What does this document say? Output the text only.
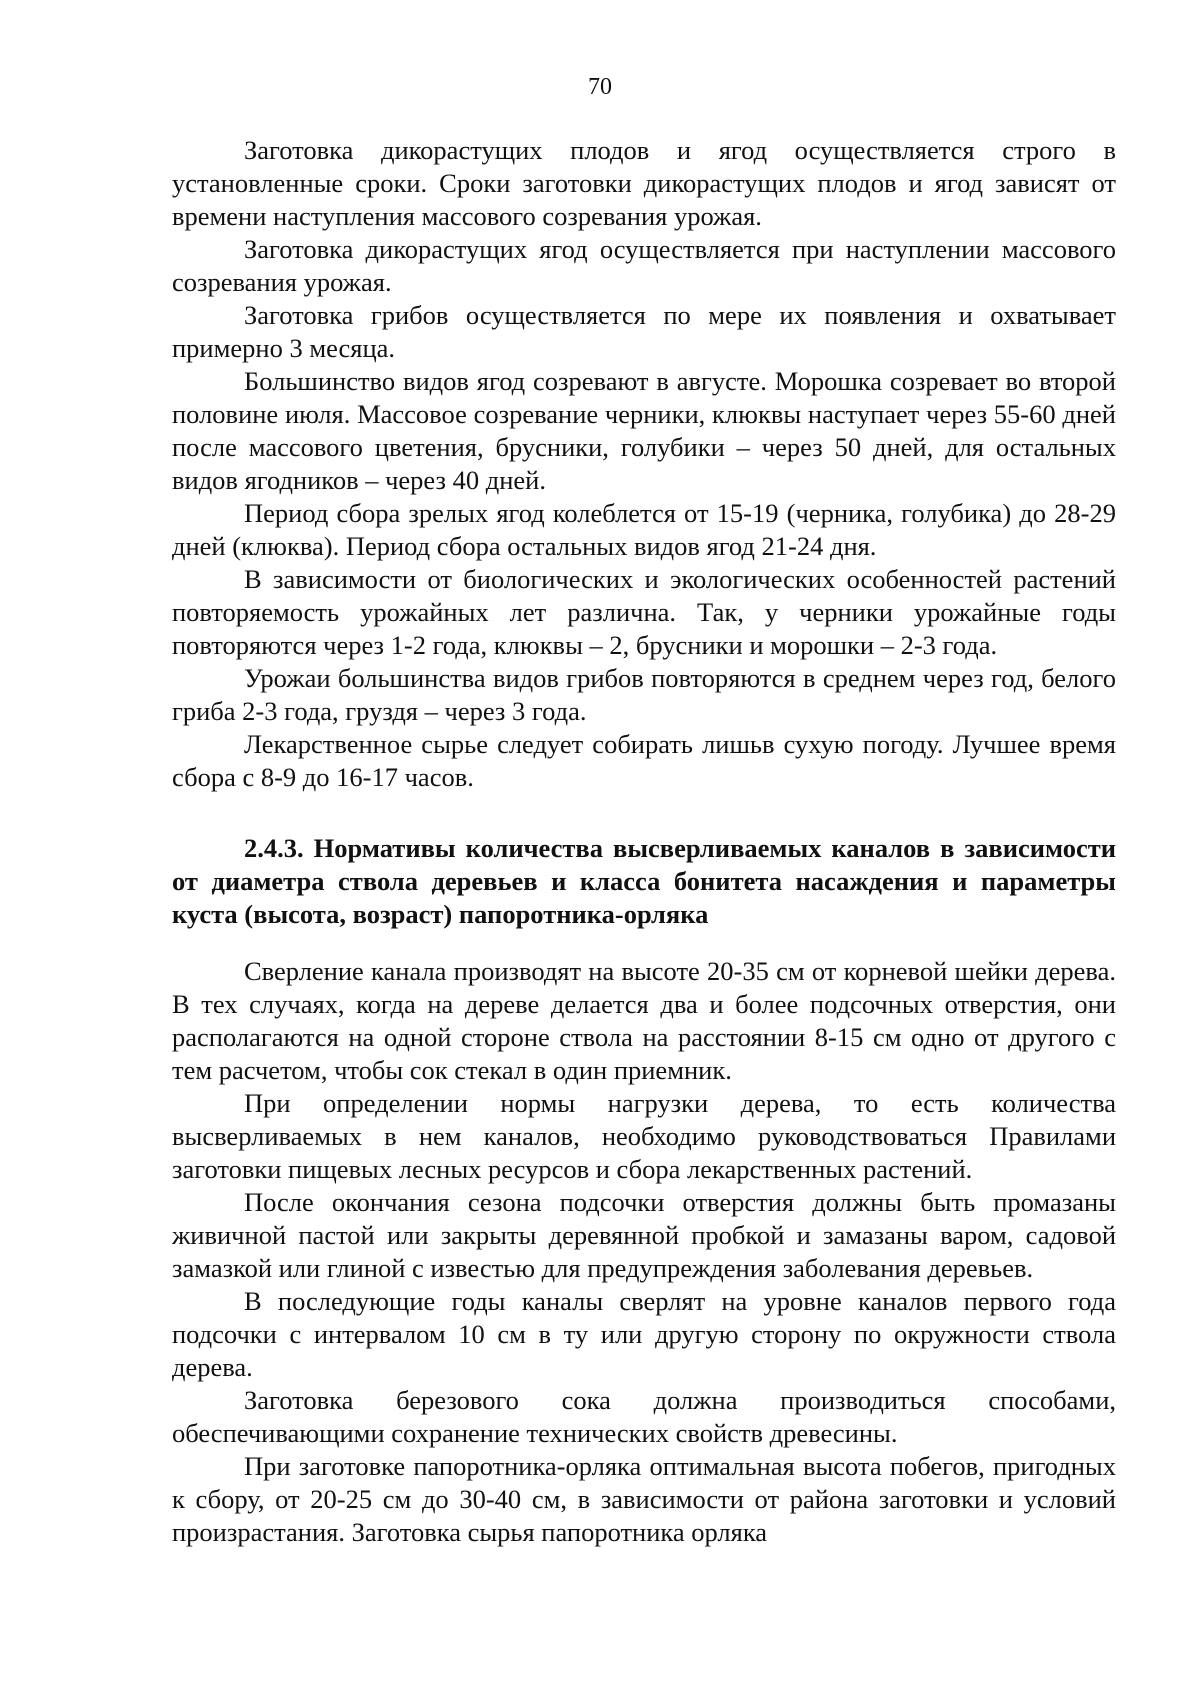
70

Заготовка дикорастущих плодов и ягод осуществляется строго в установленные сроки. Сроки заготовки дикорастущих плодов и ягод зависят от времени наступления массового созревания урожая.

Заготовка дикорастущих ягод осуществляется при наступлении массового созревания урожая.

Заготовка грибов осуществляется по мере их появления и охватывает примерно 3 месяца.

Большинство видов ягод созревают в августе. Морошка созревает во второй половине июля. Массовое созревание черники, клюквы наступает через 55-60 дней после массового цветения, брусники, голубики – через 50 дней, для остальных видов ягодников – через 40 дней.

Период сбора зрелых ягод колеблется от 15-19 (черника, голубика) до 28-29 дней (клюква). Период сбора остальных видов ягод 21-24 дня.

В зависимости от биологических и экологических особенностей растений повторяемость урожайных лет различна. Так, у черники урожайные годы повторяются через 1-2 года, клюквы – 2, брусники и морошки – 2-3 года.

Урожаи большинства видов грибов повторяются в среднем через год, белого гриба 2-3 года, груздя – через 3 года.

Лекарственное сырье следует собирать лишьв сухую погоду. Лучшее время сбора с 8-9 до 16-17 часов.

2.4.3. Нормативы количества высверливаемых каналов в зависимости от диаметра ствола деревьев и класса бонитета насаждения и параметры куста (высота, возраст) папоротника-орляка

Сверление канала производят на высоте 20-35 см от корневой шейки дерева. В тех случаях, когда на дереве делается два и более подсочных отверстия, они располагаются на одной стороне ствола на расстоянии 8-15 см одно от другого с тем расчетом, чтобы сок стекал в один приемник.

При определении нормы нагрузки дерева, то есть количества высверливаемых в нем каналов, необходимо руководствоваться Правилами заготовки пищевых лесных ресурсов и сбора лекарственных растений.

После окончания сезона подсочки отверстия должны быть промазаны живичной пастой или закрыты деревянной пробкой и замазаны варом, садовой замазкой или глиной с известью для предупреждения заболевания деревьев.

В последующие годы каналы сверлят на уровне каналов первого года подсочки с интервалом 10 см в ту или другую сторону по окружности ствола дерева.

Заготовка березового сока должна производиться способами, обеспечивающими сохранение технических свойств древесины.

При заготовке папоротника-орляка оптимальная высота побегов, пригодных к сбору, от 20-25 см до 30-40 см, в зависимости от района заготовки и условий произрастания. Заготовка сырья папоротника орляка
